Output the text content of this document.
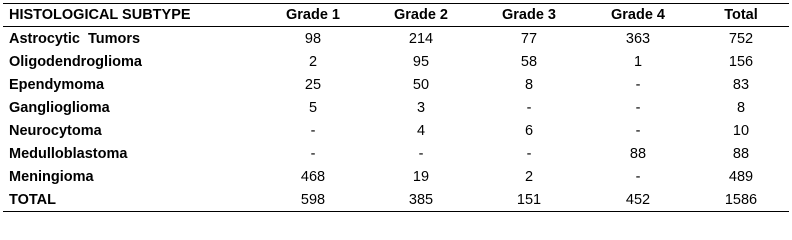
HISTOLOGICAL SUBTYPE	Grade 1	Grade 2	Grade 3	Grade 4	Total
Astrocytic  Tumors	98	214	77	363	752
Oligodendroglioma	2	95	58	1	156
Ependymoma	25	50	8	-	83
Ganglioglioma	5	3	-	-	8
Neurocytoma	-	4	6	-	10
Medulloblastoma	-	-	-	88	88
Meningioma	468	19	2	-	489
TOTAL	598	385	151	452	1586
